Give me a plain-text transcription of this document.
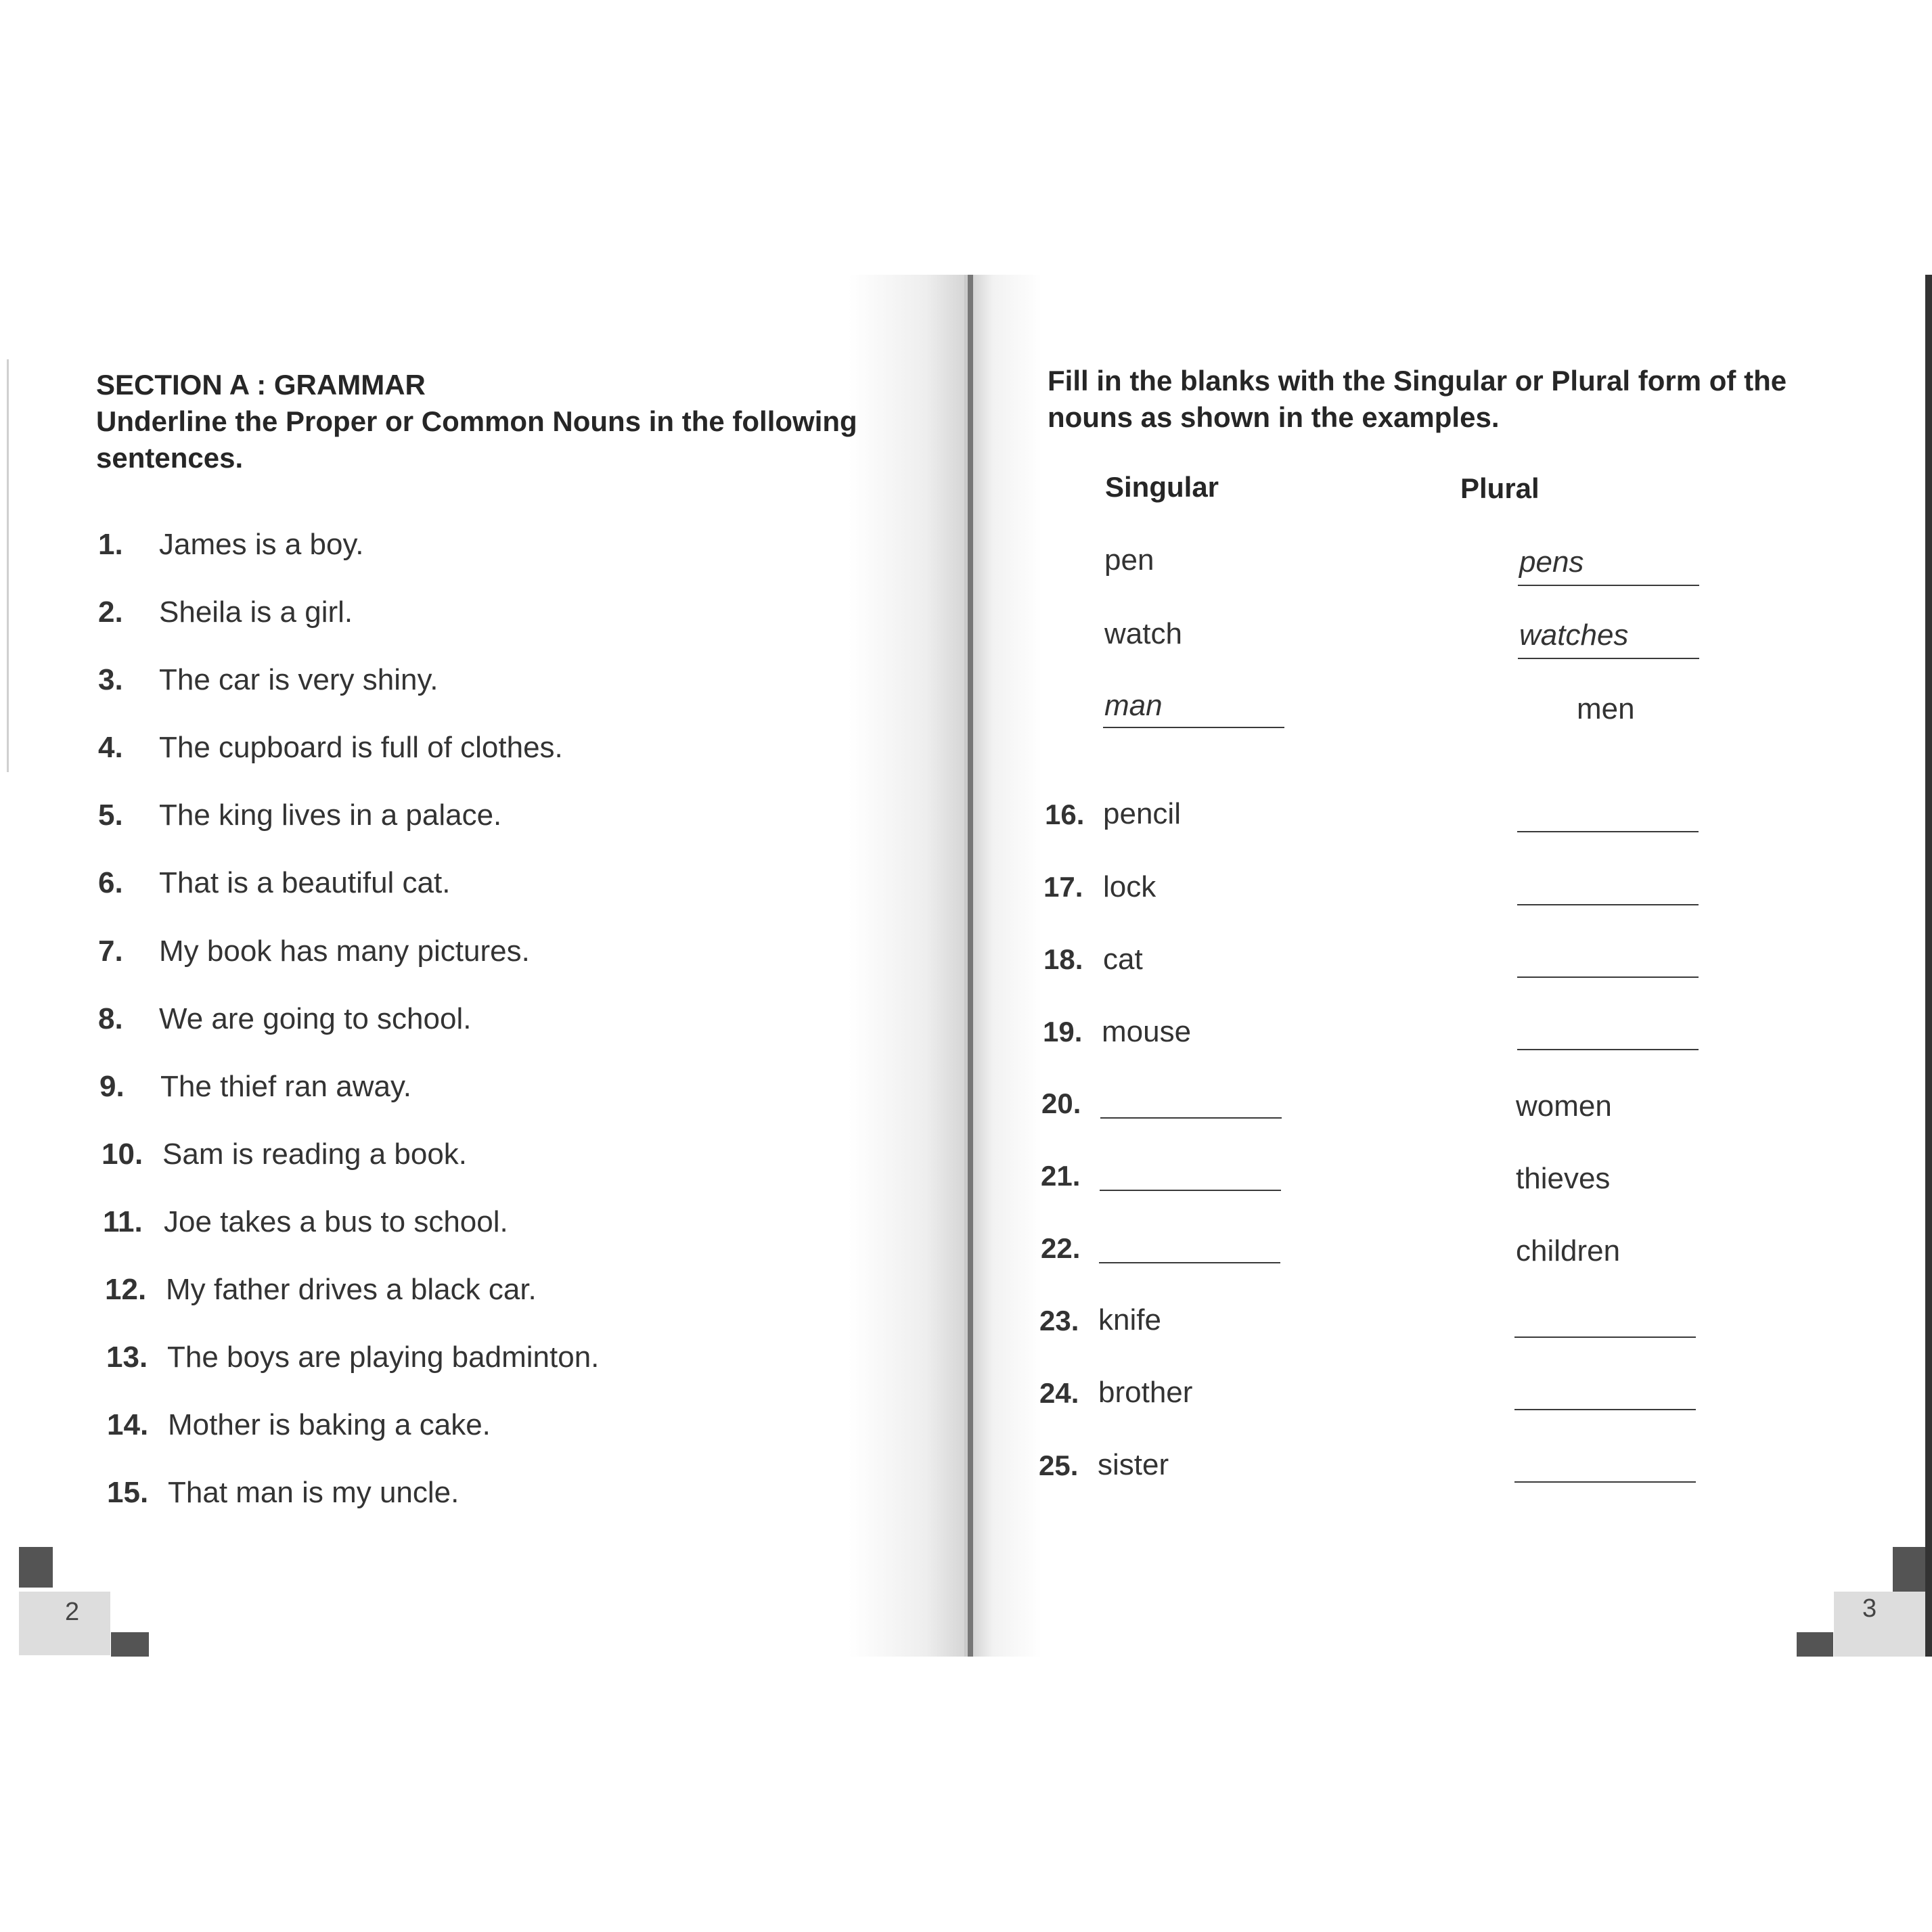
SECTION A : GRAMMAR
Underline the Proper or Common Nouns in the following
sentences.
1. James is a boy.
2. Sheila is a girl.
3. The car is very shiny.
4. The cupboard is full of clothes.
5. The king lives in a palace.
6. That is a beautiful cat.
7. My book has many pictures.
8. We are going to school.
9. The thief ran away.
10. Sam is reading a book.
11. Joe takes a bus to school.
12. My father drives a black car.
13. The boys are playing badminton.
14. Mother is baking a cake.
15. That man is my uncle.
2
Fill in the blanks with the Singular or Plural form of the
nouns as shown in the examples.
Singular	Plural
pen	pens
watch	watches
man	men
16. pencil
17. lock
18. cat
19. mouse
20.	women
21.	thieves
22.	children
23. knife
24. brother
25. sister
3
